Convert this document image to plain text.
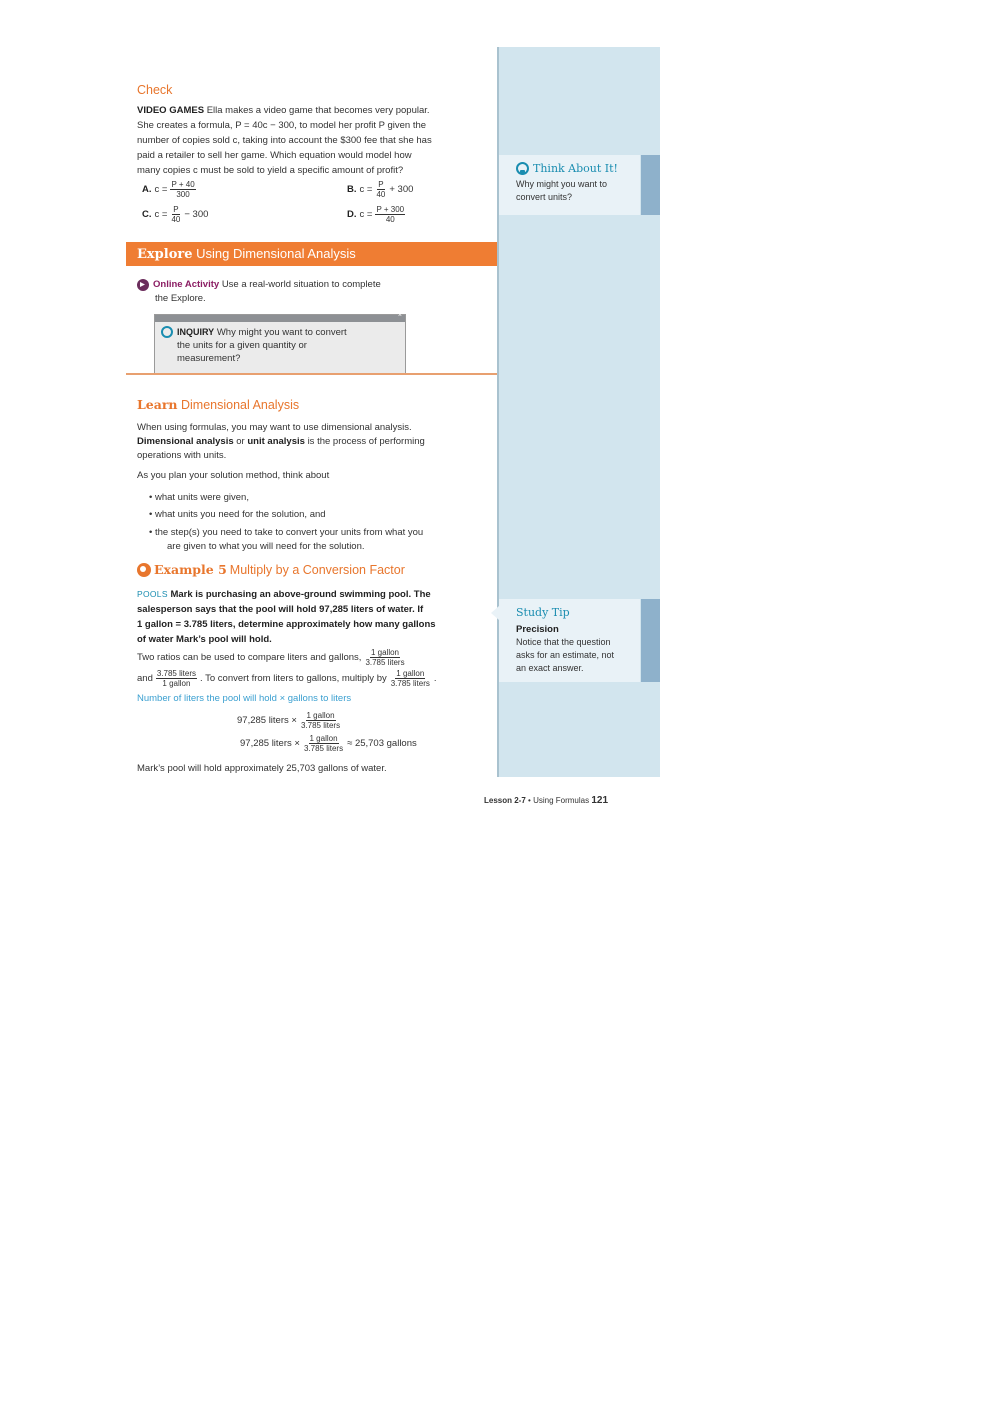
Think About It!
Why might you want to
convert units?
Study Tip
Precision
Notice that the question
asks for an estimate, not
an exact answer.
Check
VIDEO GAMES Ella makes a video game that becomes very popular.
She creates a formula, P = 40c − 300, to model her profit P given the
number of copies sold c, taking into account the $300 fee that she has
paid a retailer to sell her game. Which equation would model how
many copies c must be sold to yield a specific amount of profit?
A. $c = \frac{P + 40}{300}$	B. $c = \frac{P}{40} + 300$
C. $c = \frac{P}{40} - 300$	D. $c = \frac{P + 300}{40}$
Explore Using Dimensional Analysis
Online Activity Use a real-world situation to complete
the Explore.
×
INQUIRY Why might you want to convert
the units for a given quantity or
measurement?
Learn Dimensional Analysis
When using formulas, you may want to use dimensional analysis.
Dimensional analysis or unit analysis is the process of performing
operations with units.
As you plan your solution method, think about
• what units were given,
• what units you need for the solution, and
• the step(s) you need to take to convert your units from what you
are given to what you will need for the solution.
Example 5 Multiply by a Conversion Factor
POOLS Mark is purchasing an above-ground swimming pool. The
salesperson says that the pool will hold 97,285 liters of water. If
1 gallon = 3.785 liters, determine approximately how many gallons
of water Mark’s pool will hold.
Two ratios can be used to compare liters and gallons, $\frac{\text{1 gallon}}{\text{3.785 liters}}$
and $\frac{\text{3.785 liters}}{\text{1 gallon}}$ . To convert from liters to gallons, multiply by $\frac{\text{1 gallon}}{\text{3.785 liters}}$ .
Number of liters the pool will hold × gallons to liters
97,285 liters × $\frac{\text{1 gallon}}{\text{3.785 liters}}$
97,285 liters × $\frac{\text{1 gallon}}{\text{3.785 liters}} \approx 25,703$ gallons
Mark’s pool will hold approximately 25,703 gallons of water.
Lesson 2-7 • Using Formulas 121
